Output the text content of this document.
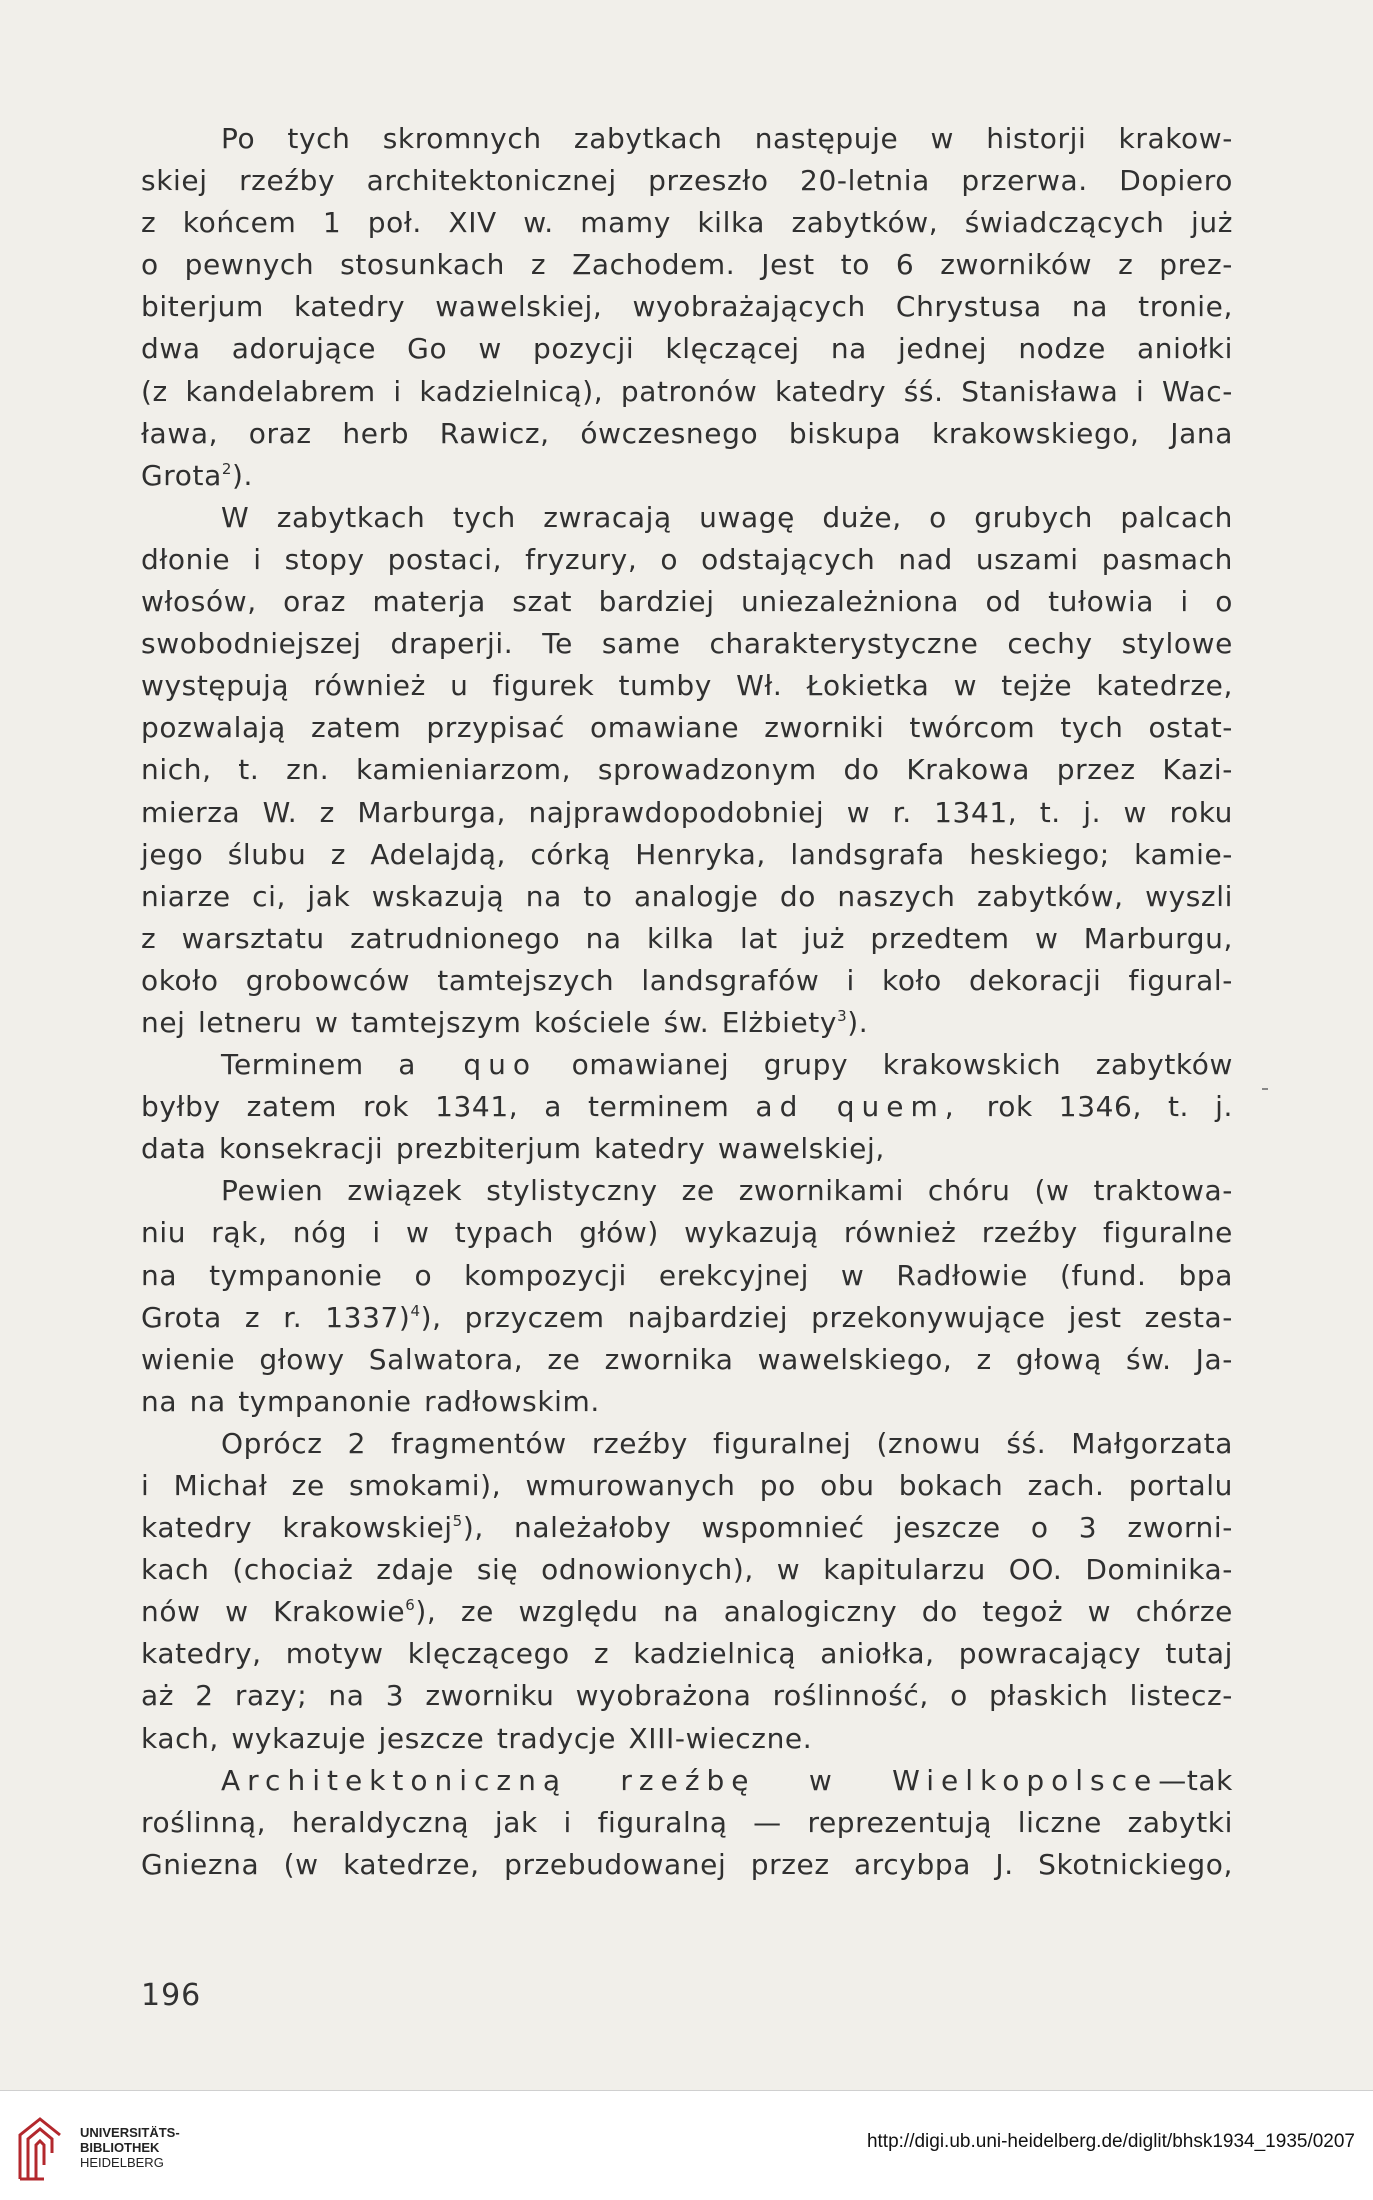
Po tych skromnych zabytkach następuje w historji krakow-
skiej rzeźby architektonicznej przeszło 20-letnia przerwa. Dopiero
z końcem 1 poł. XIV w. mamy kilka zabytków, świadczących już
o pewnych stosunkach z Zachodem. Jest to 6 zworników z prez-
biterjum katedry wawelskiej, wyobrażających Chrystusa na tronie,
dwa adorujące Go w pozycji klęczącej na jednej nodze aniołki
(z kandelabrem i kadzielnicą), patronów katedry śś. Stanisława i Wac-
ława, oraz herb Rawicz, ówczesnego biskupa krakowskiego, Jana
Grota$^2$).
W zabytkach tych zwracają uwagę duże, o grubych palcach
dłonie i stopy postaci, fryzury, o odstających nad uszami pasmach
włosów, oraz materja szat bardziej uniezależniona od tułowia i o
swobodniejszej draperji. Te same charakterystyczne cechy stylowe
występują również u figurek tumby Wł. Łokietka w tejże katedrze,
pozwalają zatem przypisać omawiane zworniki twórcom tych ostat-
nich, t. zn. kamieniarzom, sprowadzonym do Krakowa przez Kazi-
mierza W. z Marburga, najprawdopodobniej w r. 1341, t. j. w roku
jego ślubu z Adelajdą, córką Henryka, landsgrafa heskiego; kamie-
niarze ci, jak wskazują na to analogje do naszych zabytków, wyszli
z warsztatu zatrudnionego na kilka lat już przedtem w Marburgu,
około grobowców tamtejszych landsgrafów i koło dekoracji figural-
nej letneru w tamtejszym kościele św. Elżbiety$^3$).
Terminem a quo omawianej grupy krakowskich zabytków
byłby zatem rok 1341, a terminem ad quem, rok 1346, t. j.
data konsekracji prezbiterjum katedry wawelskiej,
Pewien związek stylistyczny ze zwornikami chóru (w traktowa-
niu rąk, nóg i w typach głów) wykazują również rzeźby figuralne
na tympanonie o kompozycji erekcyjnej w Radłowie (fund. bpa
Grota z r. 1337)$^4$), przyczem najbardziej przekonywujące jest zesta-
wienie głowy Salwatora, ze zwornika wawelskiego, z głową św. Ja-
na na tympanonie radłowskim.
Oprócz 2 fragmentów rzeźby figuralnej (znowu śś. Małgorzata
i Michał ze smokami), wmurowanych po obu bokach zach. portalu
katedry krakowskiej$^5$), należałoby wspomnieć jeszcze o 3 zworni-
kach (chociaż zdaje się odnowionych), w kapitularzu OO. Dominika-
nów w Krakowie$^6$), ze względu na analogiczny do tegoż w chórze
katedry, motyw klęczącego z kadzielnicą aniołka, powracający tutaj
aż 2 razy; na 3 zworniku wyobrażona roślinność, o płaskich listecz-
kach, wykazuje jeszcze tradycje XIII-wieczne.
Architektoniczną rzeźbę w Wielkopolsce—tak
roślinną, heraldyczną jak i figuralną — reprezentują liczne zabytki
Gniezna (w katedrze, przebudowanej przez arcybpa J. Skotnickiego,
196
UNIVERSITÄTS-
BIBLIOTHEK
HEIDELBERG
http://digi.ub.uni-heidelberg.de/diglit/bhsk1934_1935/0207
